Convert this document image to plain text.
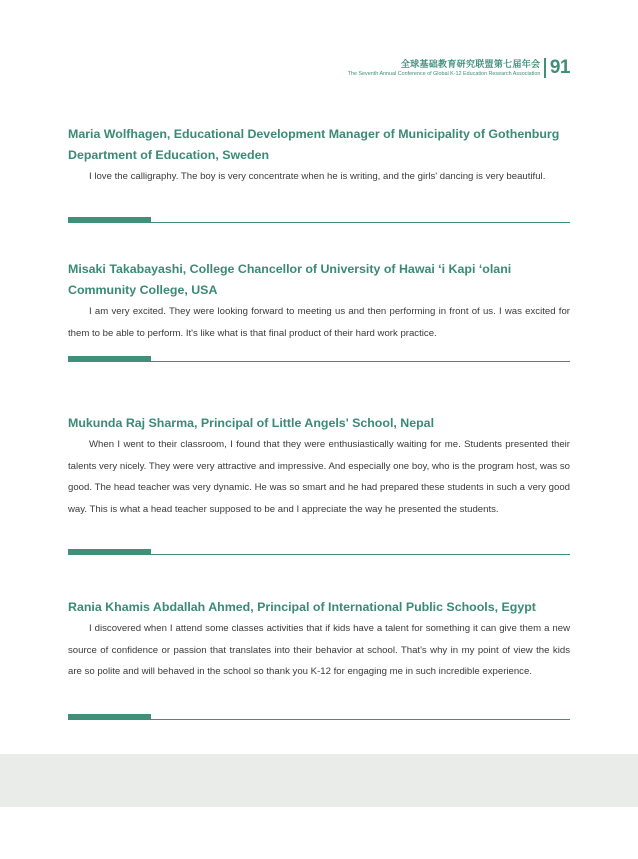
全球基础教育研究联盟第七届年会
The Seventh Annual Conference of Global K-12 Education Research Association 91

Maria Wolfhagen, Educational Development Manager of Municipality of Gothenburg Department of Education, Sweden

I love the calligraphy. The boy is very concentrate when he is writing, and the girls' dancing is very beautiful.

Misaki Takabayashi, College Chancellor of University of Hawai ʻi Kapi ʻolani Community College, USA

I am very excited. They were looking forward to meeting us and then performing in front of us. I was excited for them to be able to perform. It's like what is that final product of their hard work practice.

Mukunda Raj Sharma, Principal of Little Angels' School, Nepal

When I went to their classroom, I found that they were enthusiastically waiting for me. Students presented their talents very nicely. They were very attractive and impressive. And especially one boy, who is the program host, was so good. The head teacher was very dynamic. He was so smart and he had prepared these students in such a very good way. This is what a head teacher supposed to be and I appreciate the way he presented the students.

Rania Khamis Abdallah Ahmed, Principal of International Public Schools, Egypt

I discovered when I attend some classes activities that if kids have a talent for something it can give them a new source of confidence or passion that translates into their behavior at school. That's why in my point of view the kids are so polite and will behaved in the school so thank you K-12 for engaging me in such incredible experience.
